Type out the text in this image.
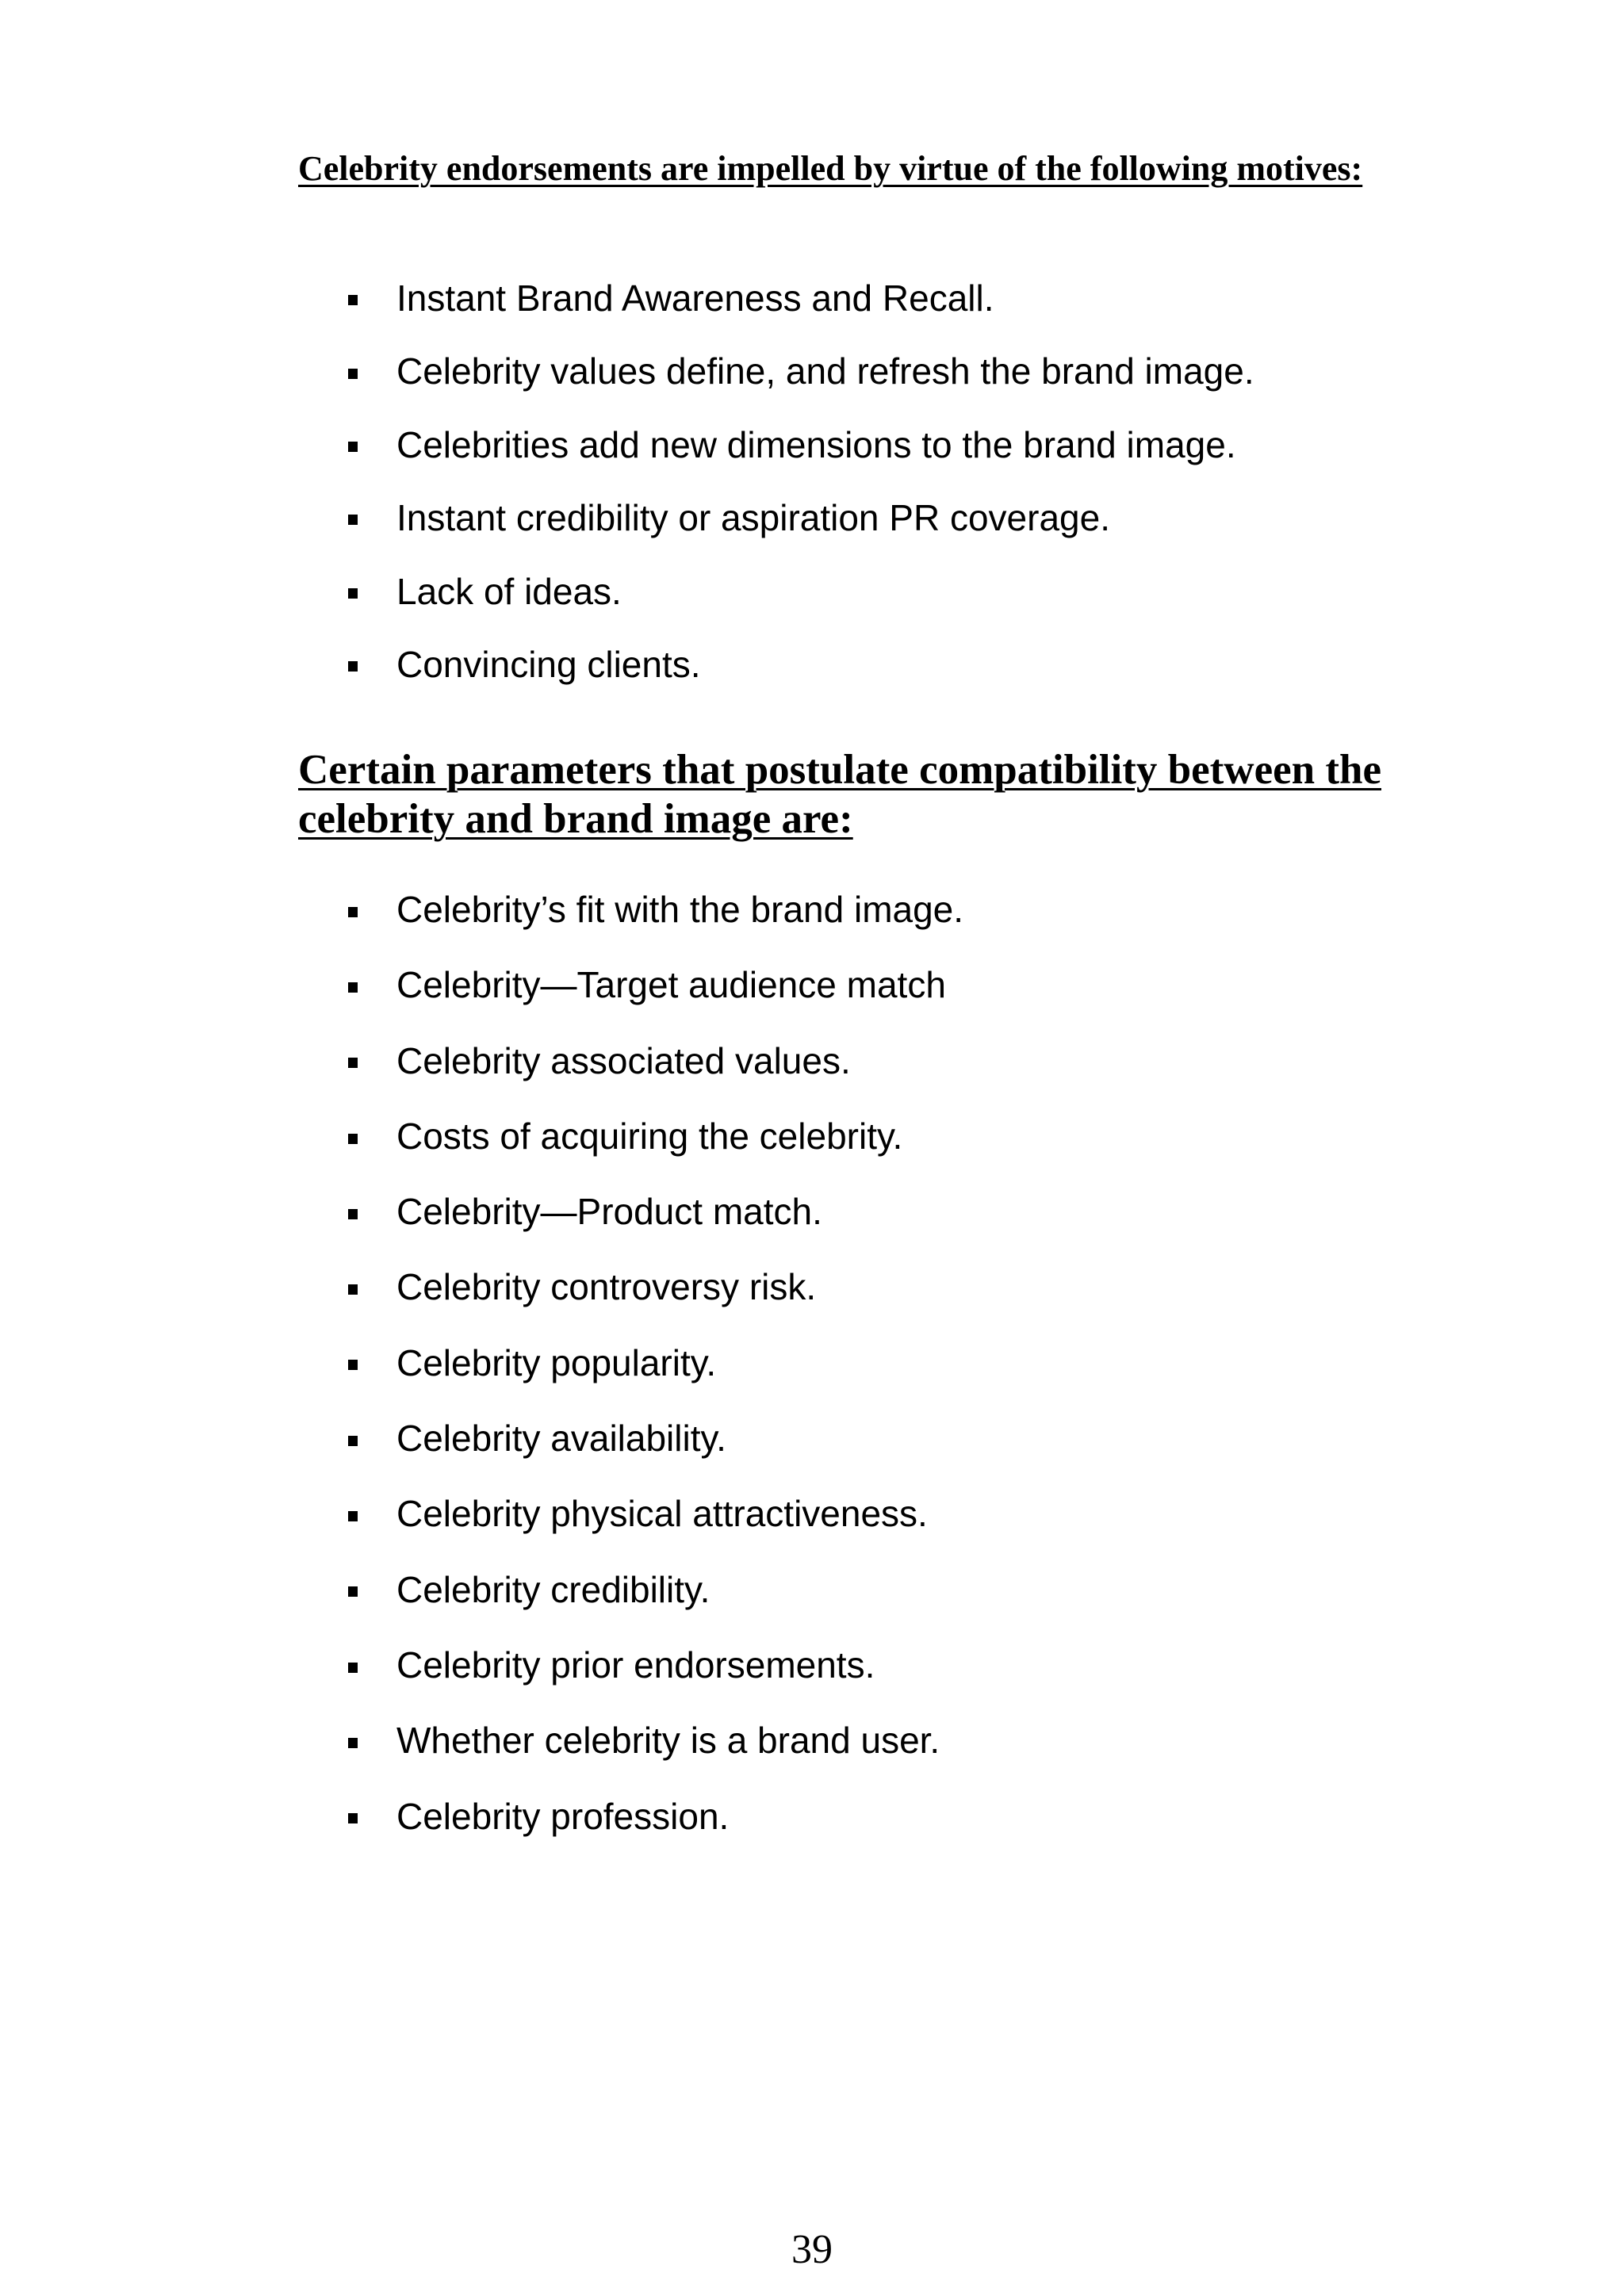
Celebrity endorsements are impelled by virtue of the following motives:
Instant Brand Awareness and Recall.
Celebrity values define, and refresh the brand image.
Celebrities add new dimensions to the brand image.
Instant credibility or aspiration PR coverage.
Lack of ideas.
Convincing clients.
Certain parameters that postulate compatibility between the celebrity and brand image are:
Celebrity’s fit with the brand image.
Celebrity—Target audience match
Celebrity associated values.
Costs of acquiring the celebrity.
Celebrity—Product match.
Celebrity controversy risk.
Celebrity popularity.
Celebrity availability.
Celebrity physical attractiveness.
Celebrity credibility.
Celebrity prior endorsements.
Whether celebrity is a brand user.
Celebrity profession.
39
